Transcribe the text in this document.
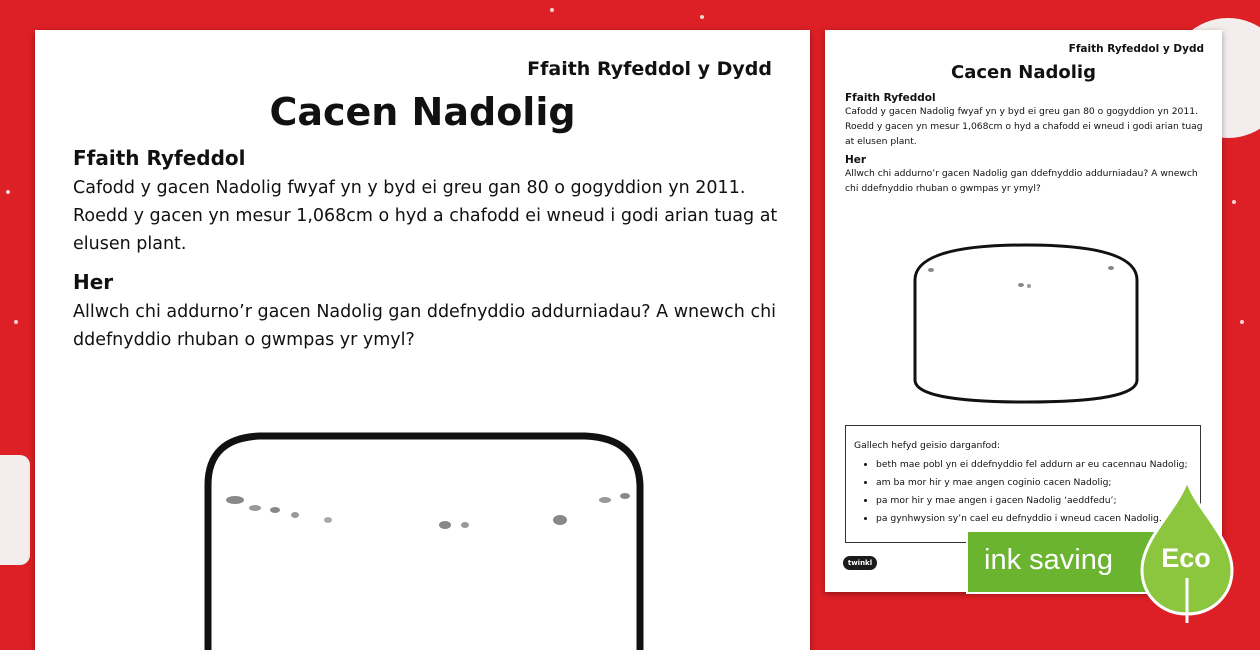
Ffaith Ryfeddol y Dydd
Cacen Nadolig
Ffaith Ryfeddol

Cafodd y gacen Nadolig fwyaf yn y byd ei greu gan 80 o gogyddion yn 2011. Roedd y gacen yn mesur 1,068cm o hyd a chafodd ei wneud i godi arian tuag at elusen plant.

Her

Allwch chi addurno’r gacen Nadolig gan ddefnyddio addurniadau? A wnewch chi ddefnyddio rhuban o gwmpas yr ymyl?

Ffaith Ryfeddol y Dydd
Cacen Nadolig
Ffaith Ryfeddol

Cafodd y gacen Nadolig fwyaf yn y byd ei greu gan 80 o gogyddion yn 2011. Roedd y gacen yn mesur 1,068cm o hyd a chafodd ei wneud i godi arian tuag at elusen plant.

Her

Allwch chi addurno’r gacen Nadolig gan ddefnyddio addurniadau? A wnewch chi ddefnyddio rhuban o gwmpas yr ymyl?

Gallech hefyd geisio darganfod:
• beth mae pobl yn ei ddefnyddio fel addurn ar eu cacennau Nadolig;
• am ba mor hir y mae angen coginio cacen Nadolig;
• pa mor hir y mae angen i gacen Nadolig ‘aeddfedu’;
• pa gynhwysion sy’n cael eu defnyddio i wneud cacen Nadolig.
twinkl	ink saving	Eco
